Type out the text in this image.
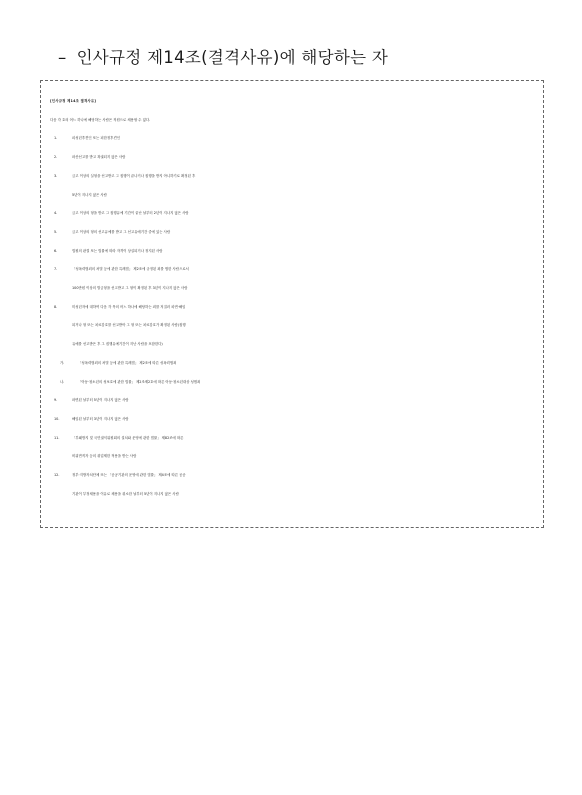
– 인사규정 제14조(결격사유)에 해당하는 자
[인사규정 제14조 결격사유]
다음 각 호의 어느 하나에 해당하는 사람은 직원으로 채용할 수 없다.
1.	피성년후견인 또는 피한정후견인
2.	파산선고를 받고 복권되지 않은 사람
3.	금고 이상의 실형을 선고받고 그 집행이 끝나거나 집행을 받지 아니하기로 확정된 후
5년이 지나지 않은 사람
4.	금고 이상의 형을 받고 그 집행유예 기간이 끝난 날부터 2년이 지나지 않은 사람
5.	금고 이상의 형의 선고유예를 받고 그 선고유예기간 중에 있는 사람
6.	법원의 판결 또는 법률에 따라 자격이 상실되거나 정지된 사람
7.	「성폭력범죄의 처벌 등에 관한 특례법」 제2조에 규정된 죄를 범한 사람으로서
100만원 이상의 벌금형을 선고받고 그 형이 확정된 후 3년이 지나지 않은 사람
8.	미성년자에 대하여 다음 각 목의 어느 하나에 해당하는 죄를 저질러 파면·해임
되거나 형 또는 치료감호를 선고받아 그 형 또는 치료감호가 확정된 사람(집행
유예를 선고받은 후 그 집행유예기간이 지난 사람을 포함한다)
가.	「성폭력범죄의 처벌 등에 관한 특례법」 제2조에 따른 성폭력범죄
나.	「아동·청소년의 성보호에 관한 법률」 제2조제2호에 따른 아동·청소년대상 성범죄
9.	파면된 날부터 5년이 지나지 않은 사람
10.	해임된 날부터 3년이 지나지 않은 사람
11.	「부패방지 및 국민권익위원회의 설치와 운영에 관한 법률」 제82조에 따른
비위면직자 등의 취업제한 적용을 받는 사람
12.	정부·지방자치단체 또는 「공공기관의 운영에 관한 법률」 제4조에 따른 공공
기관이 부정채용을 이유로 채용을 취소한 날부터 5년이 지나지 않은 사람
